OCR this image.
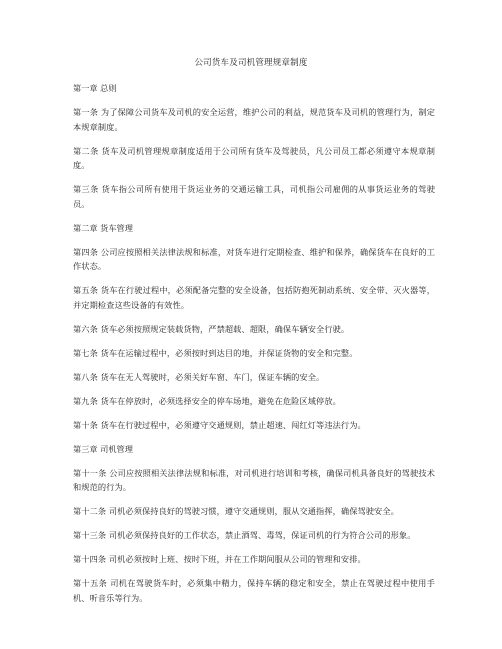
公司货车及司机管理规章制度
第一章 总则
第一条 为了保障公司货车及司机的安全运营，维护公司的利益，规范货车及司机的管理行为，制定本规章制度。
第二条 货车及司机管理规章制度适用于公司所有货车及驾驶员，凡公司员工都必须遵守本规章制度。
第三条 货车指公司所有使用于货运业务的交通运输工具，司机指公司雇佣的从事货运业务的驾驶员。
第二章 货车管理
第四条 公司应按照相关法律法规和标准，对货车进行定期检查、维护和保养，确保货车在良好的工作状态。
第五条 货车在行驶过程中，必须配备完整的安全设备，包括防抱死制动系统、安全带、灭火器等，并定期检查这些设备的有效性。
第六条 货车必须按照规定装载货物，严禁超载、超限，确保车辆安全行驶。
第七条 货车在运输过程中，必须按时到达目的地，并保证货物的安全和完整。
第八条 货车在无人驾驶时，必须关好车窗、车门，保证车辆的安全。
第九条 货车在停放时，必须选择安全的停车场地，避免在危险区域停放。
第十条 货车在行驶过程中，必须遵守交通规则，禁止超速、闯红灯等违法行为。
第三章 司机管理
第十一条 公司应按照相关法律法规和标准，对司机进行培训和考核，确保司机具备良好的驾驶技术和规范的行为。
第十二条 司机必须保持良好的驾驶习惯，遵守交通规则，服从交通指挥，确保驾驶安全。
第十三条 司机必须保持良好的工作状态，禁止酒驾、毒驾，保证司机的行为符合公司的形象。
第十四条 司机必须按时上班、按时下班，并在工作期间服从公司的管理和安排。
第十五条 司机在驾驶货车时，必须集中精力，保持车辆的稳定和安全，禁止在驾驶过程中使用手机、听音乐等行为。
